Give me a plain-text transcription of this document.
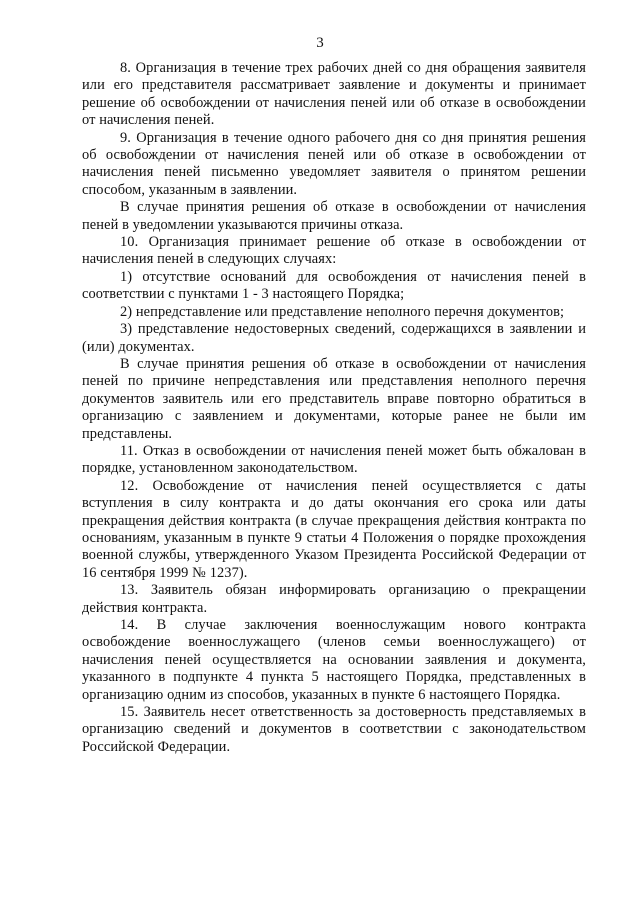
3

8. Организация в течение трех рабочих дней со дня обращения заявителя или его представителя рассматривает заявление и документы и принимает решение об освобождении от начисления пеней или об отказе в освобождении от начисления пеней.

9. Организация в течение одного рабочего дня со дня принятия решения об освобождении от начисления пеней или об отказе в освобождении от начисления пеней письменно уведомляет заявителя о принятом решении способом, указанным в заявлении.

В случае принятия решения об отказе в освобождении от начисления пеней в уведомлении указываются причины отказа.

10. Организация принимает решение об отказе в освобождении от начисления пеней в следующих случаях:

1) отсутствие оснований для освобождения от начисления пеней в соответствии с пунктами 1 - 3 настоящего Порядка;

2) непредставление или представление неполного перечня документов;

3) представление недостоверных сведений, содержащихся в заявлении и (или) документах.

В случае принятия решения об отказе в освобождении от начисления пеней по причине непредставления или представления неполного перечня документов заявитель или его представитель вправе повторно обратиться в организацию с заявлением и документами, которые ранее не были им представлены.

11. Отказ в освобождении от начисления пеней может быть обжалован в порядке, установленном законодательством.

12. Освобождение от начисления пеней осуществляется с даты вступления в силу контракта и до даты окончания его срока или даты прекращения действия контракта (в случае прекращения действия контракта по основаниям, указанным в пункте 9 статьи 4 Положения о порядке прохождения военной службы, утвержденного Указом Президента Российской Федерации от 16 сентября 1999 № 1237).

13. Заявитель обязан информировать организацию о прекращении действия контракта.

14. В случае заключения военнослужащим нового контракта освобождение военнослужащего (членов семьи военнослужащего) от начисления пеней осуществляется на основании заявления и документа, указанного в подпункте 4 пункта 5 настоящего Порядка, представленных в организацию одним из способов, указанных в пункте 6 настоящего Порядка.

15. Заявитель несет ответственность за достоверность представляемых в организацию сведений и документов в соответствии с законодательством Российской Федерации.
